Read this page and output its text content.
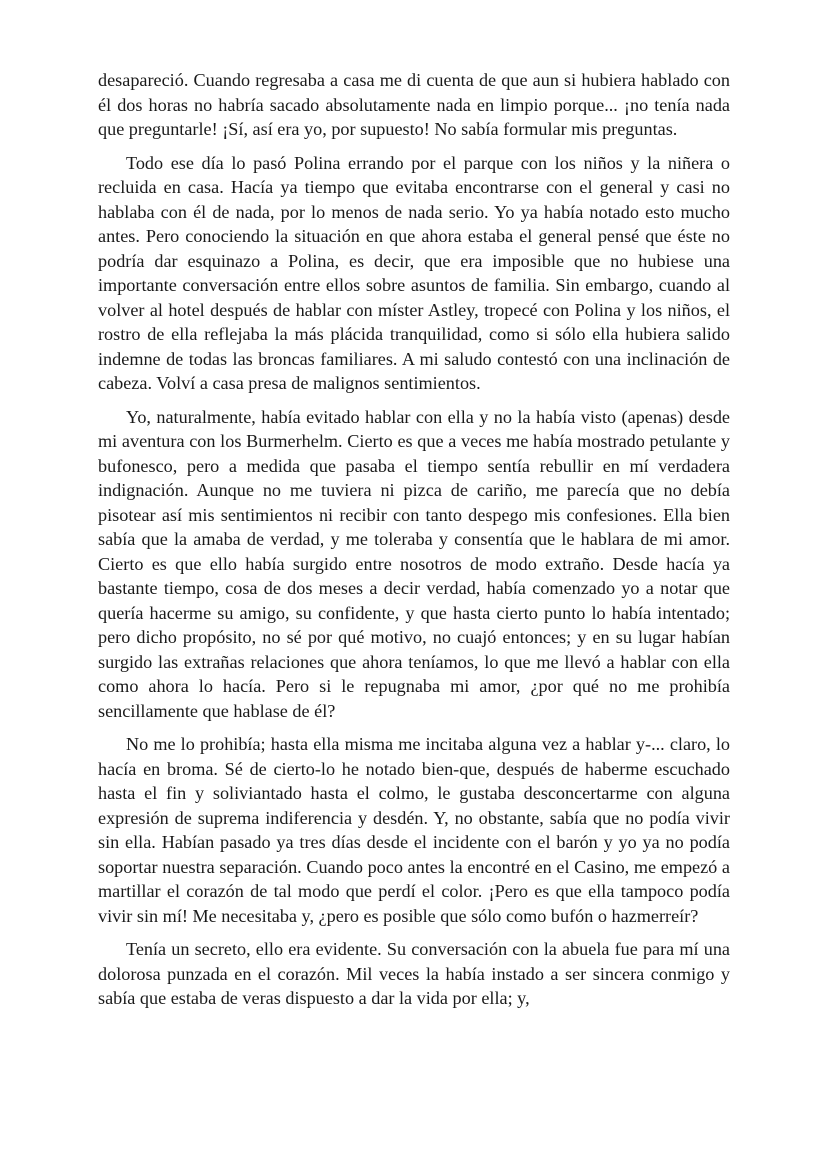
desapareció. Cuando regresaba a casa me di cuenta de que aun si hubiera hablado con él dos horas no habría sacado absolutamente nada en limpio porque... ¡no tenía nada que preguntarle! ¡Sí, así era yo, por supuesto! No sabía formular mis preguntas.

Todo ese día lo pasó Polina errando por el parque con los niños y la niñera o recluida en casa. Hacía ya tiempo que evitaba encontrarse con el general y casi no hablaba con él de nada, por lo menos de nada serio. Yo ya había notado esto mucho antes. Pero conociendo la situación en que ahora estaba el general pensé que éste no podría dar esquinazo a Polina, es decir, que era imposible que no hubiese una importante conversación entre ellos sobre asuntos de familia. Sin embargo, cuando al volver al hotel después de hablar con míster Astley, tropecé con Polina y los niños, el rostro de ella reflejaba la más plácida tranquilidad, como si sólo ella hubiera salido indemne de todas las broncas familiares. A mi saludo contestó con una inclinación de cabeza. Volví a casa presa de malignos sentimientos.

Yo, naturalmente, había evitado hablar con ella y no la había visto (apenas) desde mi aventura con los Burmerhelm. Cierto es que a veces me había mostrado petulante y bufonesco, pero a medida que pasaba el tiempo sentía rebullir en mí verdadera indignación. Aunque no me tuviera ni pizca de cariño, me parecía que no debía pisotear así mis sentimientos ni recibir con tanto despego mis confesiones. Ella bien sabía que la amaba de verdad, y me toleraba y consentía que le hablara de mi amor. Cierto es que ello había surgido entre nosotros de modo extraño. Desde hacía ya bastante tiempo, cosa de dos meses a decir verdad, había comenzado yo a notar que quería hacerme su amigo, su confidente, y que hasta cierto punto lo había intentado; pero dicho propósito, no sé por qué motivo, no cuajó entonces; y en su lugar habían surgido las extrañas relaciones que ahora teníamos, lo que me llevó a hablar con ella como ahora lo hacía. Pero si le repugnaba mi amor, ¿por qué no me prohibía sencillamente que hablase de él?

No me lo prohibía; hasta ella misma me incitaba alguna vez a hablar y-... claro, lo hacía en broma. Sé de cierto-lo he notado bien-que, después de haberme escuchado hasta el fin y soliviantado hasta el colmo, le gustaba desconcertarme con alguna expresión de suprema indiferencia y desdén. Y, no obstante, sabía que no podía vivir sin ella. Habían pasado ya tres días desde el incidente con el barón y yo ya no podía soportar nuestra separación. Cuando poco antes la encontré en el Casino, me empezó a martillar el corazón de tal modo que perdí el color. ¡Pero es que ella tampoco podía vivir sin mí! Me necesitaba y, ¿pero es posible que sólo como bufón o hazmerreír?

Tenía un secreto, ello era evidente. Su conversación con la abuela fue para mí una dolorosa punzada en el corazón. Mil veces la había instado a ser sincera conmigo y sabía que estaba de veras dispuesto a dar la vida por ella; y,
